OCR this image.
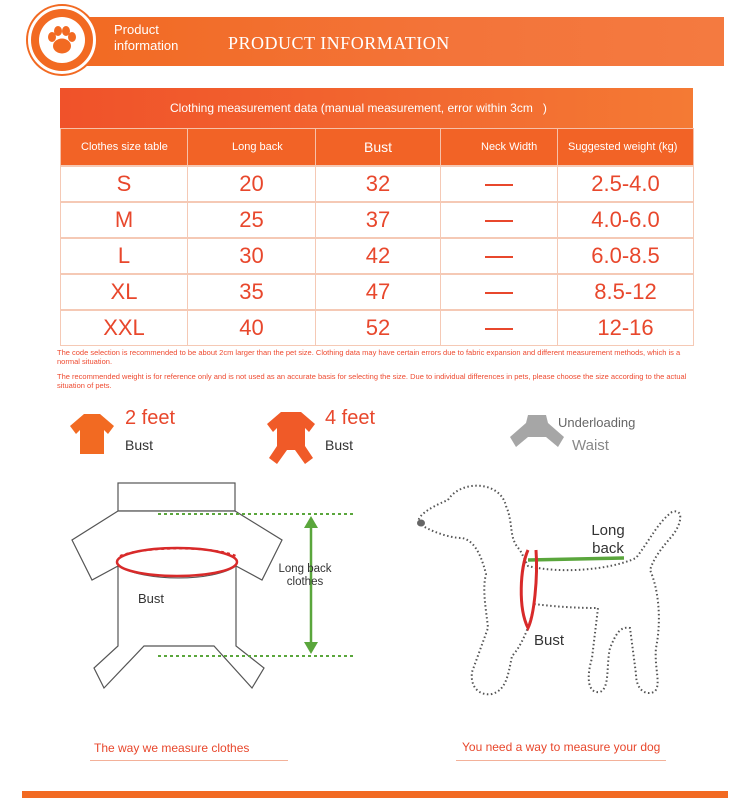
Product information	PRODUCT INFORMATION
Clothing measurement data (manual measurement, error within 3cm   )
Clothes size table	Long back	Bust	Neck Width	Suggested weight (kg)
S	20	32		2.5-4.0
M	25	37		4.0-6.0
L	30	42		6.0-8.5
XL	35	47		8.5-12
XXL	40	52		12-16
The code selection is recommended to be about 2cm larger than the pet size. Clothing data may have certain errors due to fabric expansion and different measurement methods, which is a normal situation.
The recommended weight is for reference only and is not used as an accurate basis for selecting the size. Due to individual differences in pets, please choose the size according to the actual situation of pets.
2 feet
Bust
4 feet
Bust
Underloading
Waist
Bust
Long back clothes
The way we measure clothes
Long back
Bust
You need a way to measure your dog
